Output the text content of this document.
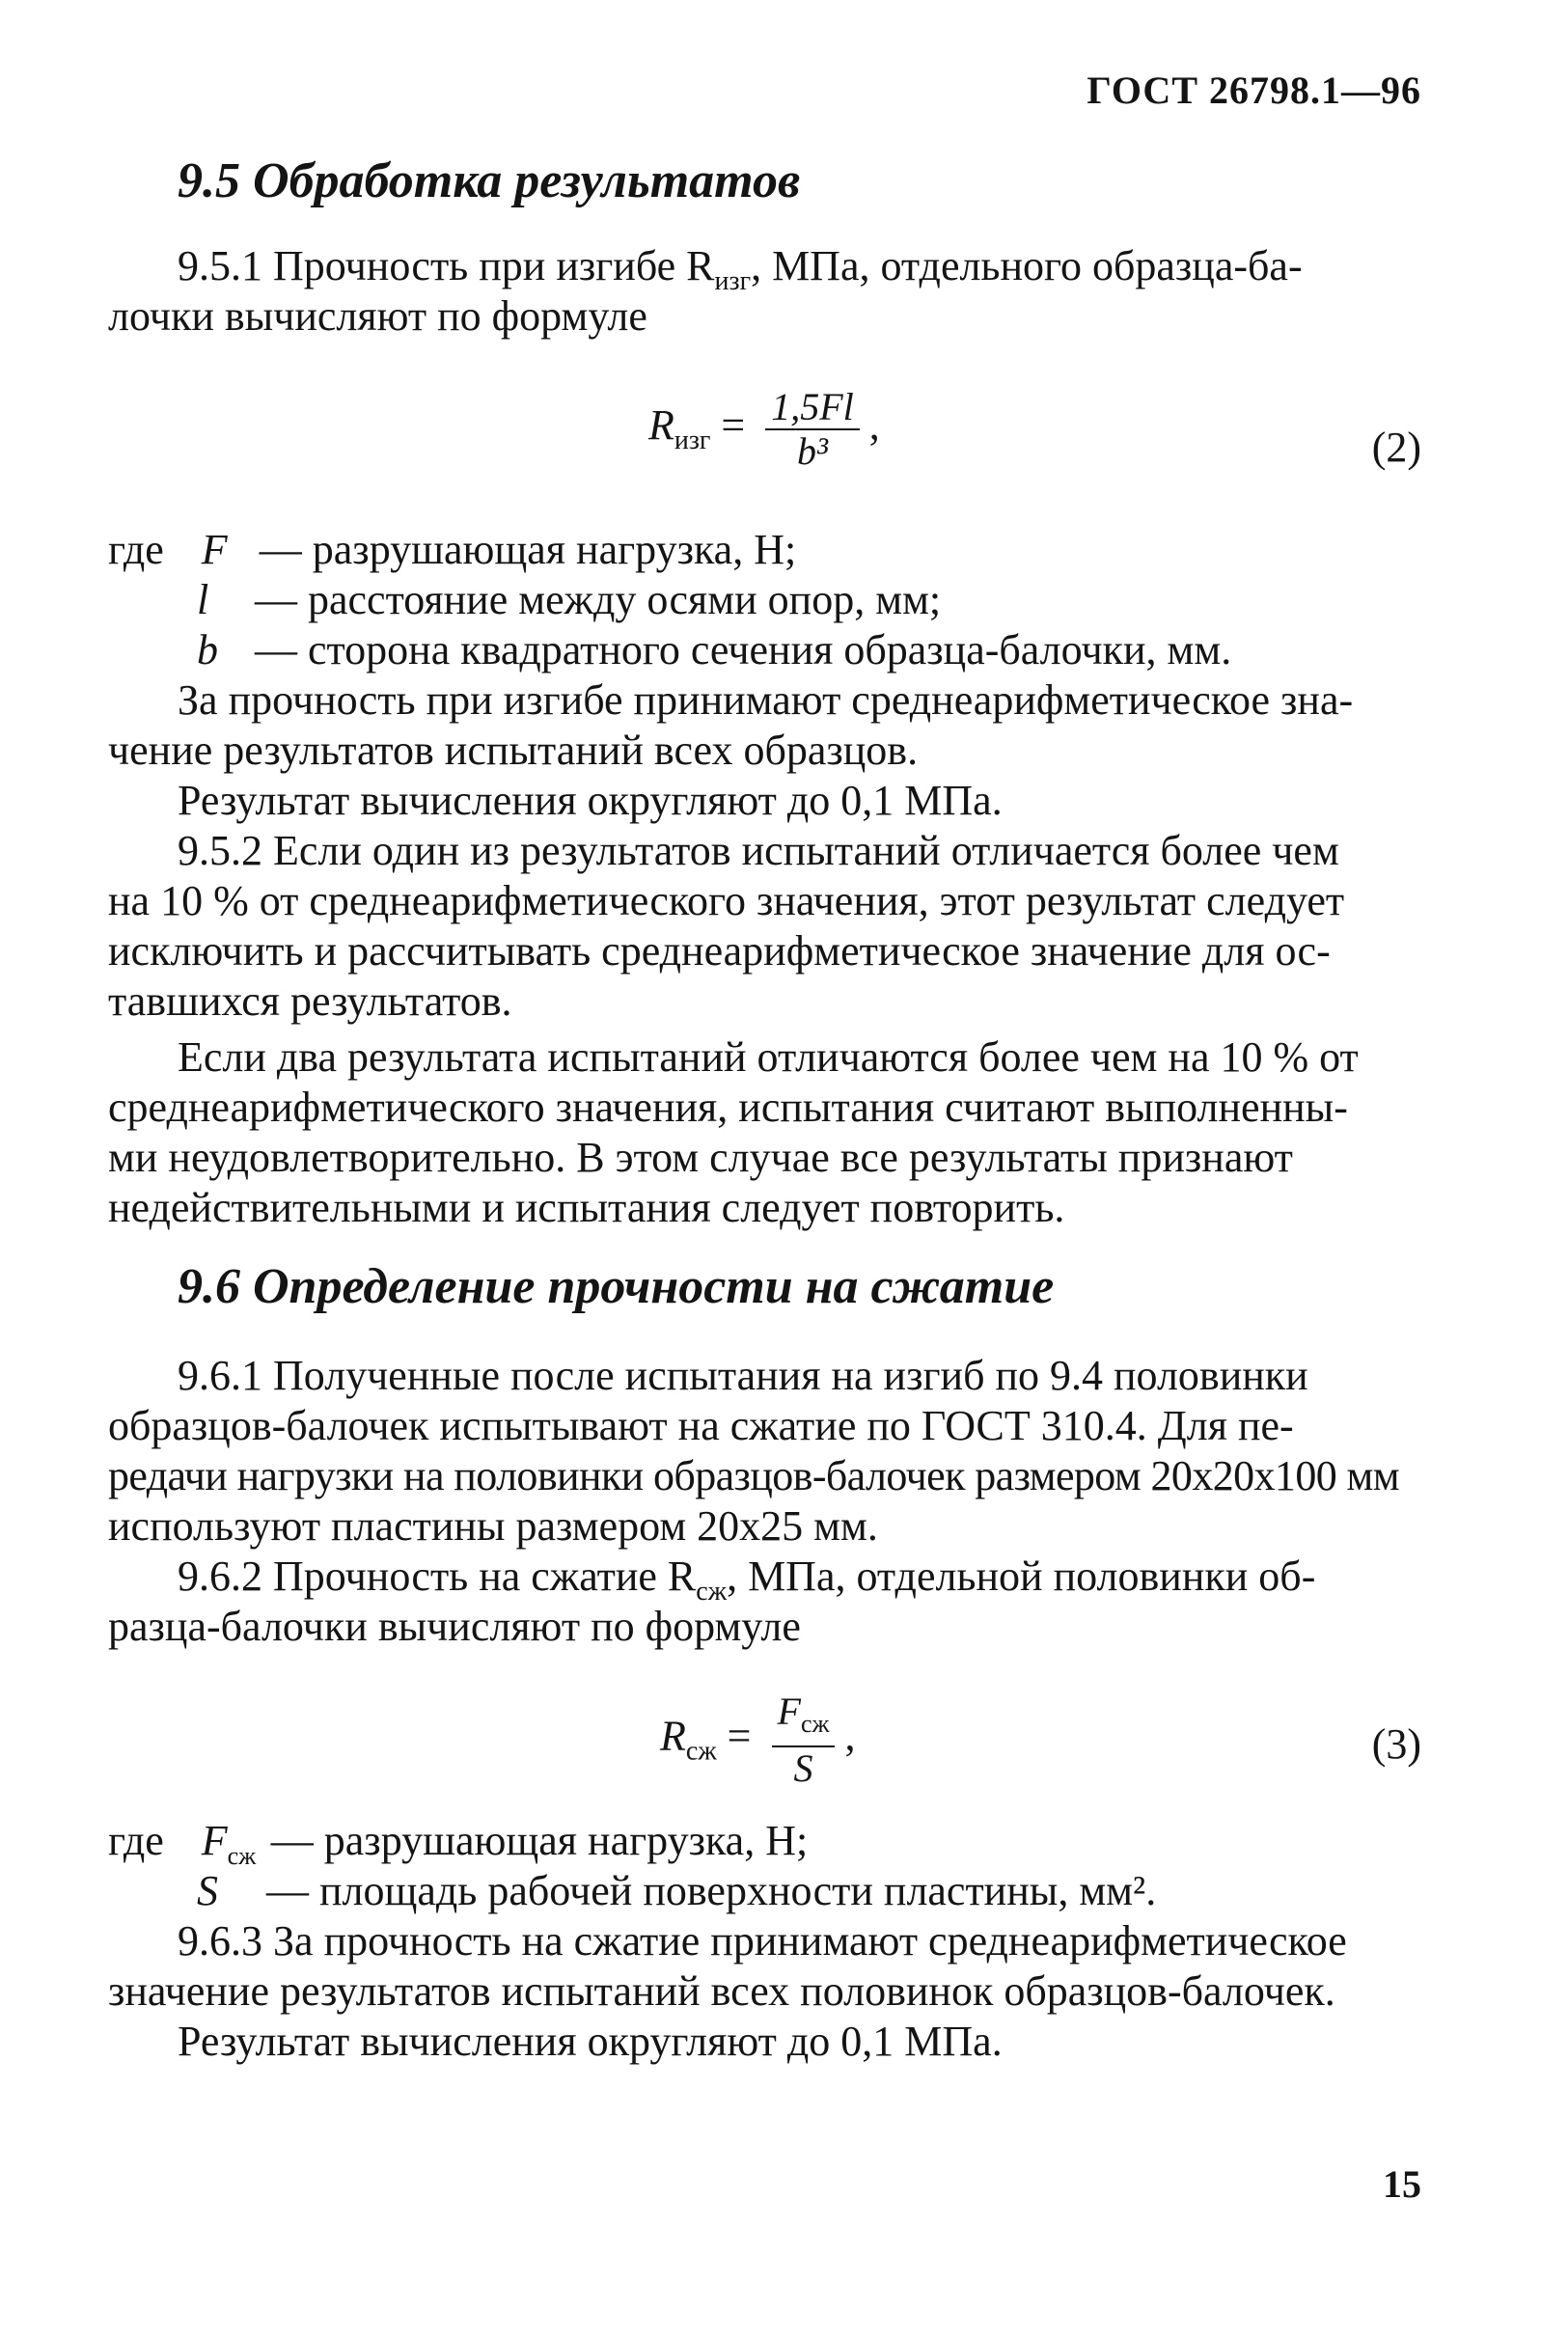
ГОСТ 26798.1—96
9.5 Обработка результатов
9.5.1 Прочность при изгибе $R_{изг}$, МПа, отдельного образца-ба-
лочки вычисляют по формуле
$R_{изг} = \frac{1,5Fl}{\text{b³}}$ ,	(2)
где F — разрушающая нагрузка, Н;
l — расстояние между осями опор, мм;
b — сторона квадратного сечения образца-балочки, мм.
За прочность при изгибе принимают среднеарифметическое зна-
чение результатов испытаний всех образцов.
Результат вычисления округляют до 0,1 МПа.
9.5.2 Если один из результатов испытаний отличается более чем
на 10 % от среднеарифметического значения, этот результат следует
исключить и рассчитывать среднеарифметическое значение для ос-
тавшихся результатов.
Если два результата испытаний отличаются более чем на 10 % от
среднеарифметического значения, испытания считают выполненны-
ми неудовлетворительно. В этом случае все результаты признают
недействительными и испытания следует повторить.
9.6 Определение прочности на сжатие
9.6.1 Полученные после испытания на изгиб по 9.4 половинки
образцов-балочек испытывают на сжатие по ГОСТ 310.4. Для пе-
редачи нагрузки на половинки образцов-балочек размером 20х20х100 мм
используют пластины размером 20х25 мм.
9.6.2 Прочность на сжатие $R_{сж}$, МПа, отдельной половинки об-
разца-балочки вычисляют по формуле
$R_{сж} = \frac{F_{сж}}{S}$ ,	(3)
где $F_{сж}$ — разрушающая нагрузка, Н;
S — площадь рабочей поверхности пластины, мм².
9.6.3 За прочность на сжатие принимают среднеарифметическое
значение результатов испытаний всех половинок образцов-балочек.
Результат вычисления округляют до 0,1 МПа.
15
